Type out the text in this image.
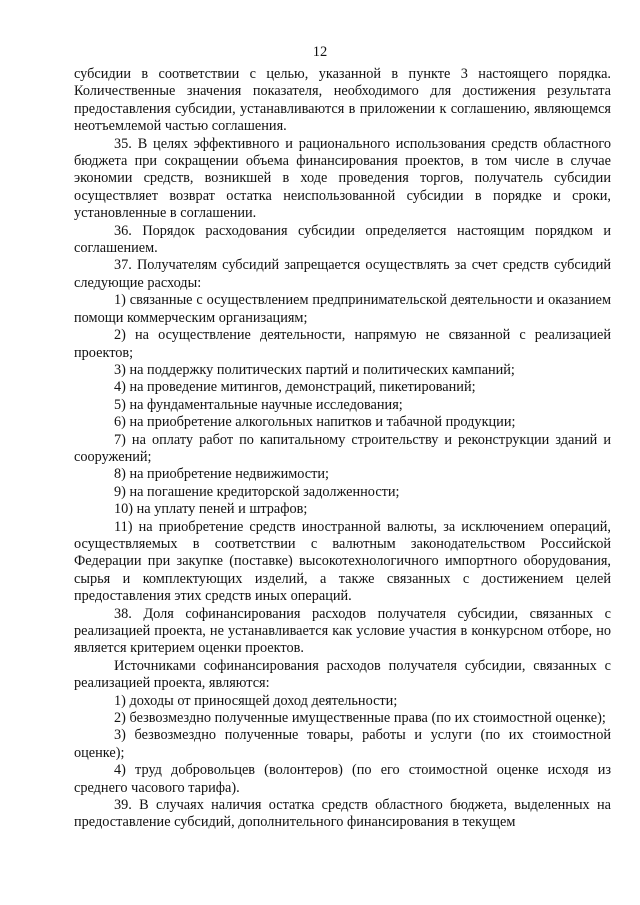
12

субсидии в соответствии с целью, указанной в пункте 3 настоящего порядка. Количественные значения показателя, необходимого для достижения результата предоставления субсидии, устанавливаются в приложении к соглашению, являющемся неотъемлемой частью соглашения.

35. В целях эффективного и рационального использования средств областного бюджета при сокращении объема финансирования проектов, в том числе в случае экономии средств, возникшей в ходе проведения торгов, получатель субсидии осуществляет возврат остатка неиспользованной субсидии в порядке и сроки, установленные в соглашении.

36. Порядок расходования субсидии определяется настоящим порядком и соглашением.

37. Получателям субсидий запрещается осуществлять за счет средств субсидий следующие расходы:

1) связанные с осуществлением предпринимательской деятельности и оказанием помощи коммерческим организациям;

2) на осуществление деятельности, напрямую не связанной с реализацией проектов;

3) на поддержку политических партий и политических кампаний;

4) на проведение митингов, демонстраций, пикетирований;

5) на фундаментальные научные исследования;

6) на приобретение алкогольных напитков и табачной продукции;

7) на оплату работ по капитальному строительству и реконструкции зданий и сооружений;

8) на приобретение недвижимости;

9) на погашение кредиторской задолженности;

10) на уплату пеней и штрафов;

11) на приобретение средств иностранной валюты, за исключением операций, осуществляемых в соответствии с валютным законодательством Российской Федерации при закупке (поставке) высокотехнологичного импортного оборудования, сырья и комплектующих изделий, а также связанных с достижением целей предоставления этих средств иных операций.

38. Доля софинансирования расходов получателя субсидии, связанных с реализацией проекта, не устанавливается как условие участия в конкурсном отборе, но является критерием оценки проектов.

Источниками софинансирования расходов получателя субсидии, связанных с реализацией проекта, являются:

1) доходы от приносящей доход деятельности;

2) безвозмездно полученные имущественные права (по их стоимостной оценке);

3) безвозмездно полученные товары, работы и услуги (по их стоимостной оценке);

4) труд добровольцев (волонтеров) (по его стоимостной оценке исходя из среднего часового тарифа).

39. В случаях наличия остатка средств областного бюджета, выделенных на предоставление субсидий, дополнительного финансирования в текущем
